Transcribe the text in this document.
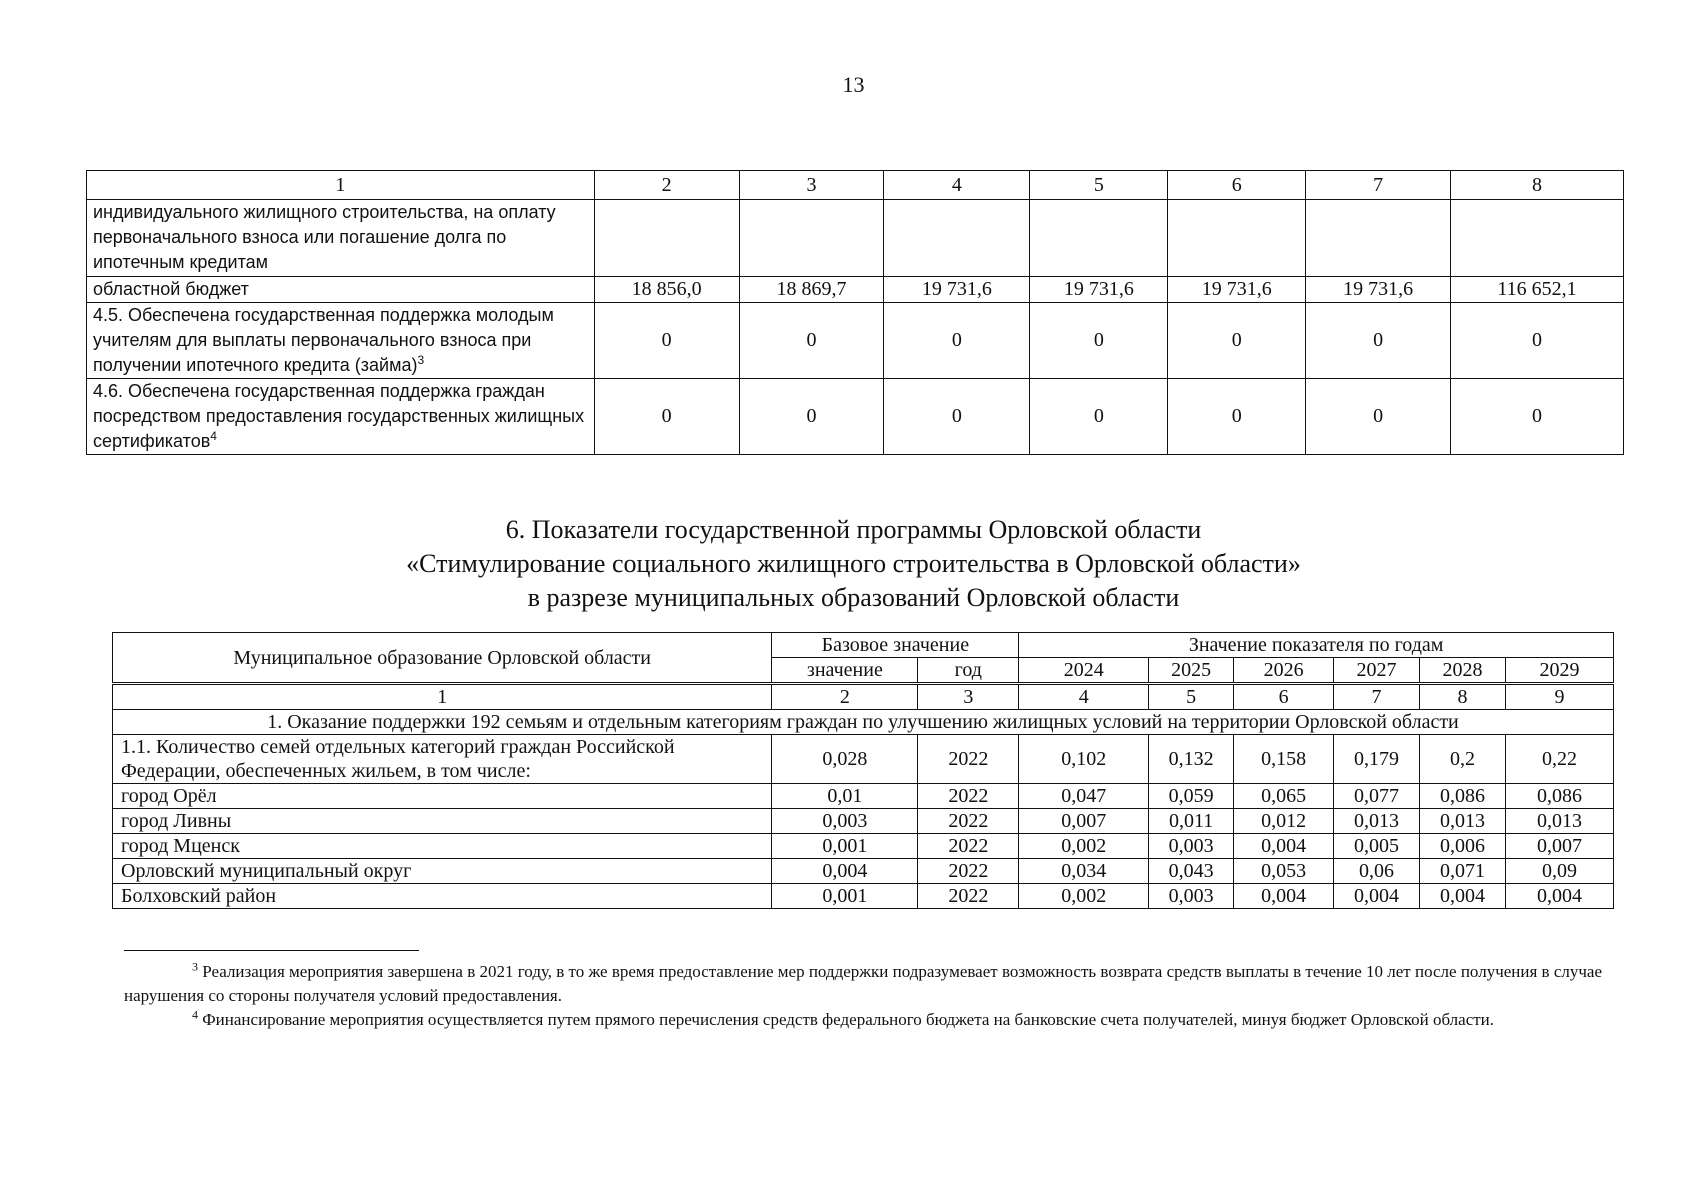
13
1	2	3	4	5	6	7	8
индивидуального жилищного строительства, на оплату первоначального взноса или погашение долга по ипотечным кредитам							
областной бюджет	18 856,0	18 869,7	19 731,6	19 731,6	19 731,6	19 731,6	116 652,1
4.5. Обеспечена государственная поддержка молодым учителям для выплаты первоначального взноса при получении ипотечного кредита (займа)$^3$	0	0	0	0	0	0	0
4.6. Обеспечена государственная поддержка граждан посредством предоставления государственных жилищных сертификатов$^4$	0	0	0	0	0	0	0
6. Показатели государственной программы Орловской области
«Стимулирование социального жилищного строительства в Орловской области»
в разрезе муниципальных образований Орловской области
Муниципальное образование Орловской области	Базовое значение		Значение показателя по годам					
	значение	год	2024	2025	2026	2027	2028	2029
1	2	3	4	5	6	7	8	9
1. Оказание поддержки 192 семьям и отдельным категориям граждан по улучшению жилищных условий на территории Орловской области								
1.1. Количество семей отдельных категорий граждан Российской Федерации, обеспеченных жильем, в том числе:	0,028	2022	0,102	0,132	0,158	0,179	0,2	0,22
город Орёл	0,01	2022	0,047	0,059	0,065	0,077	0,086	0,086
город Ливны	0,003	2022	0,007	0,011	0,012	0,013	0,013	0,013
город Мценск	0,001	2022	0,002	0,003	0,004	0,005	0,006	0,007
Орловский муниципальный округ	0,004	2022	0,034	0,043	0,053	0,06	0,071	0,09
Болховский район	0,001	2022	0,002	0,003	0,004	0,004	0,004	0,004

$^3$ Реализация мероприятия завершена в 2021 году, в то же время предоставление мер поддержки подразумевает возможность возврата средств выплаты в течение 10 лет после получения в случае нарушения со стороны получателя условий предоставления.

$^4$ Финансирование мероприятия осуществляется путем прямого перечисления средств федерального бюджета на банковские счета получателей, минуя бюджет Орловской области.
